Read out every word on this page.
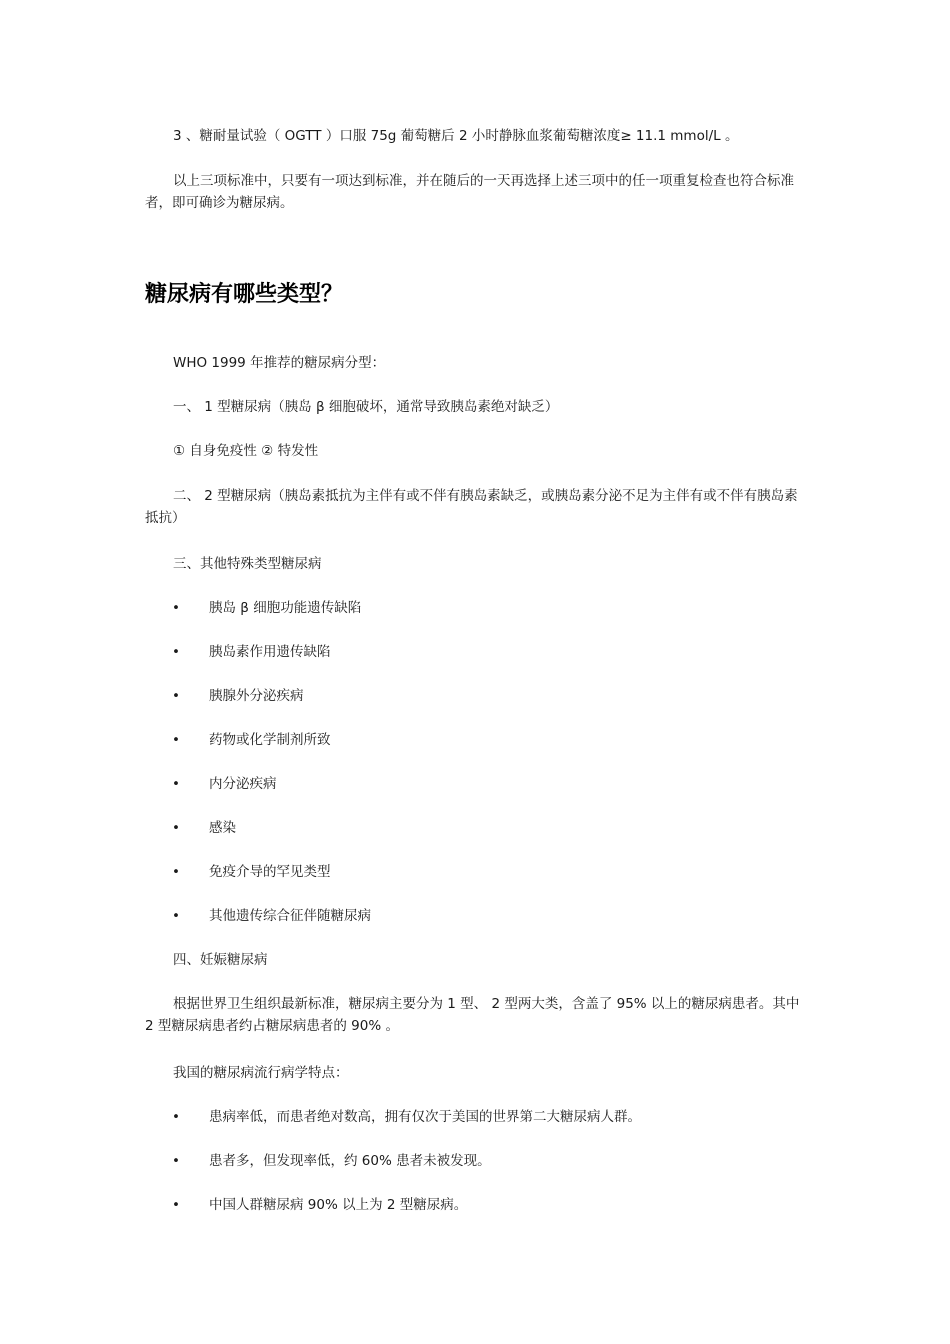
3 、糖耐量试验（ OGTT ）口服 75g 葡萄糖后 2 小时静脉血浆葡萄糖浓度≥ 11.1 mmol/L 。

以上三项标准中，只要有一项达到标准，并在随后的一天再选择上述三项中的任一项重复检查也符合标准者，即可确诊为糖尿病。

糖尿病有哪些类型？

WHO 1999 年推荐的糖尿病分型：

一、 1 型糖尿病（胰岛 β 细胞破坏，通常导致胰岛素绝对缺乏）

① 自身免疫性 ② 特发性

二、 2 型糖尿病（胰岛素抵抗为主伴有或不伴有胰岛素缺乏，或胰岛素分泌不足为主伴有或不伴有胰岛素抵抗）

三、其他特殊类型糖尿病

• 胰岛 β 细胞功能遗传缺陷
• 胰岛素作用遗传缺陷
• 胰腺外分泌疾病
• 药物或化学制剂所致
• 内分泌疾病
• 感染
• 免疫介导的罕见类型
• 其他遗传综合征伴随糖尿病

四、妊娠糖尿病

根据世界卫生组织最新标准，糖尿病主要分为 1 型、 2 型两大类，含盖了 95% 以上的糖尿病患者。其中 2 型糖尿病患者约占糖尿病患者的 90% 。

我国的糖尿病流行病学特点：

• 患病率低，而患者绝对数高，拥有仅次于美国的世界第二大糖尿病人群。
• 患者多，但发现率低，约 60% 患者未被发现。
• 中国人群糖尿病 90% 以上为 2 型糖尿病。
